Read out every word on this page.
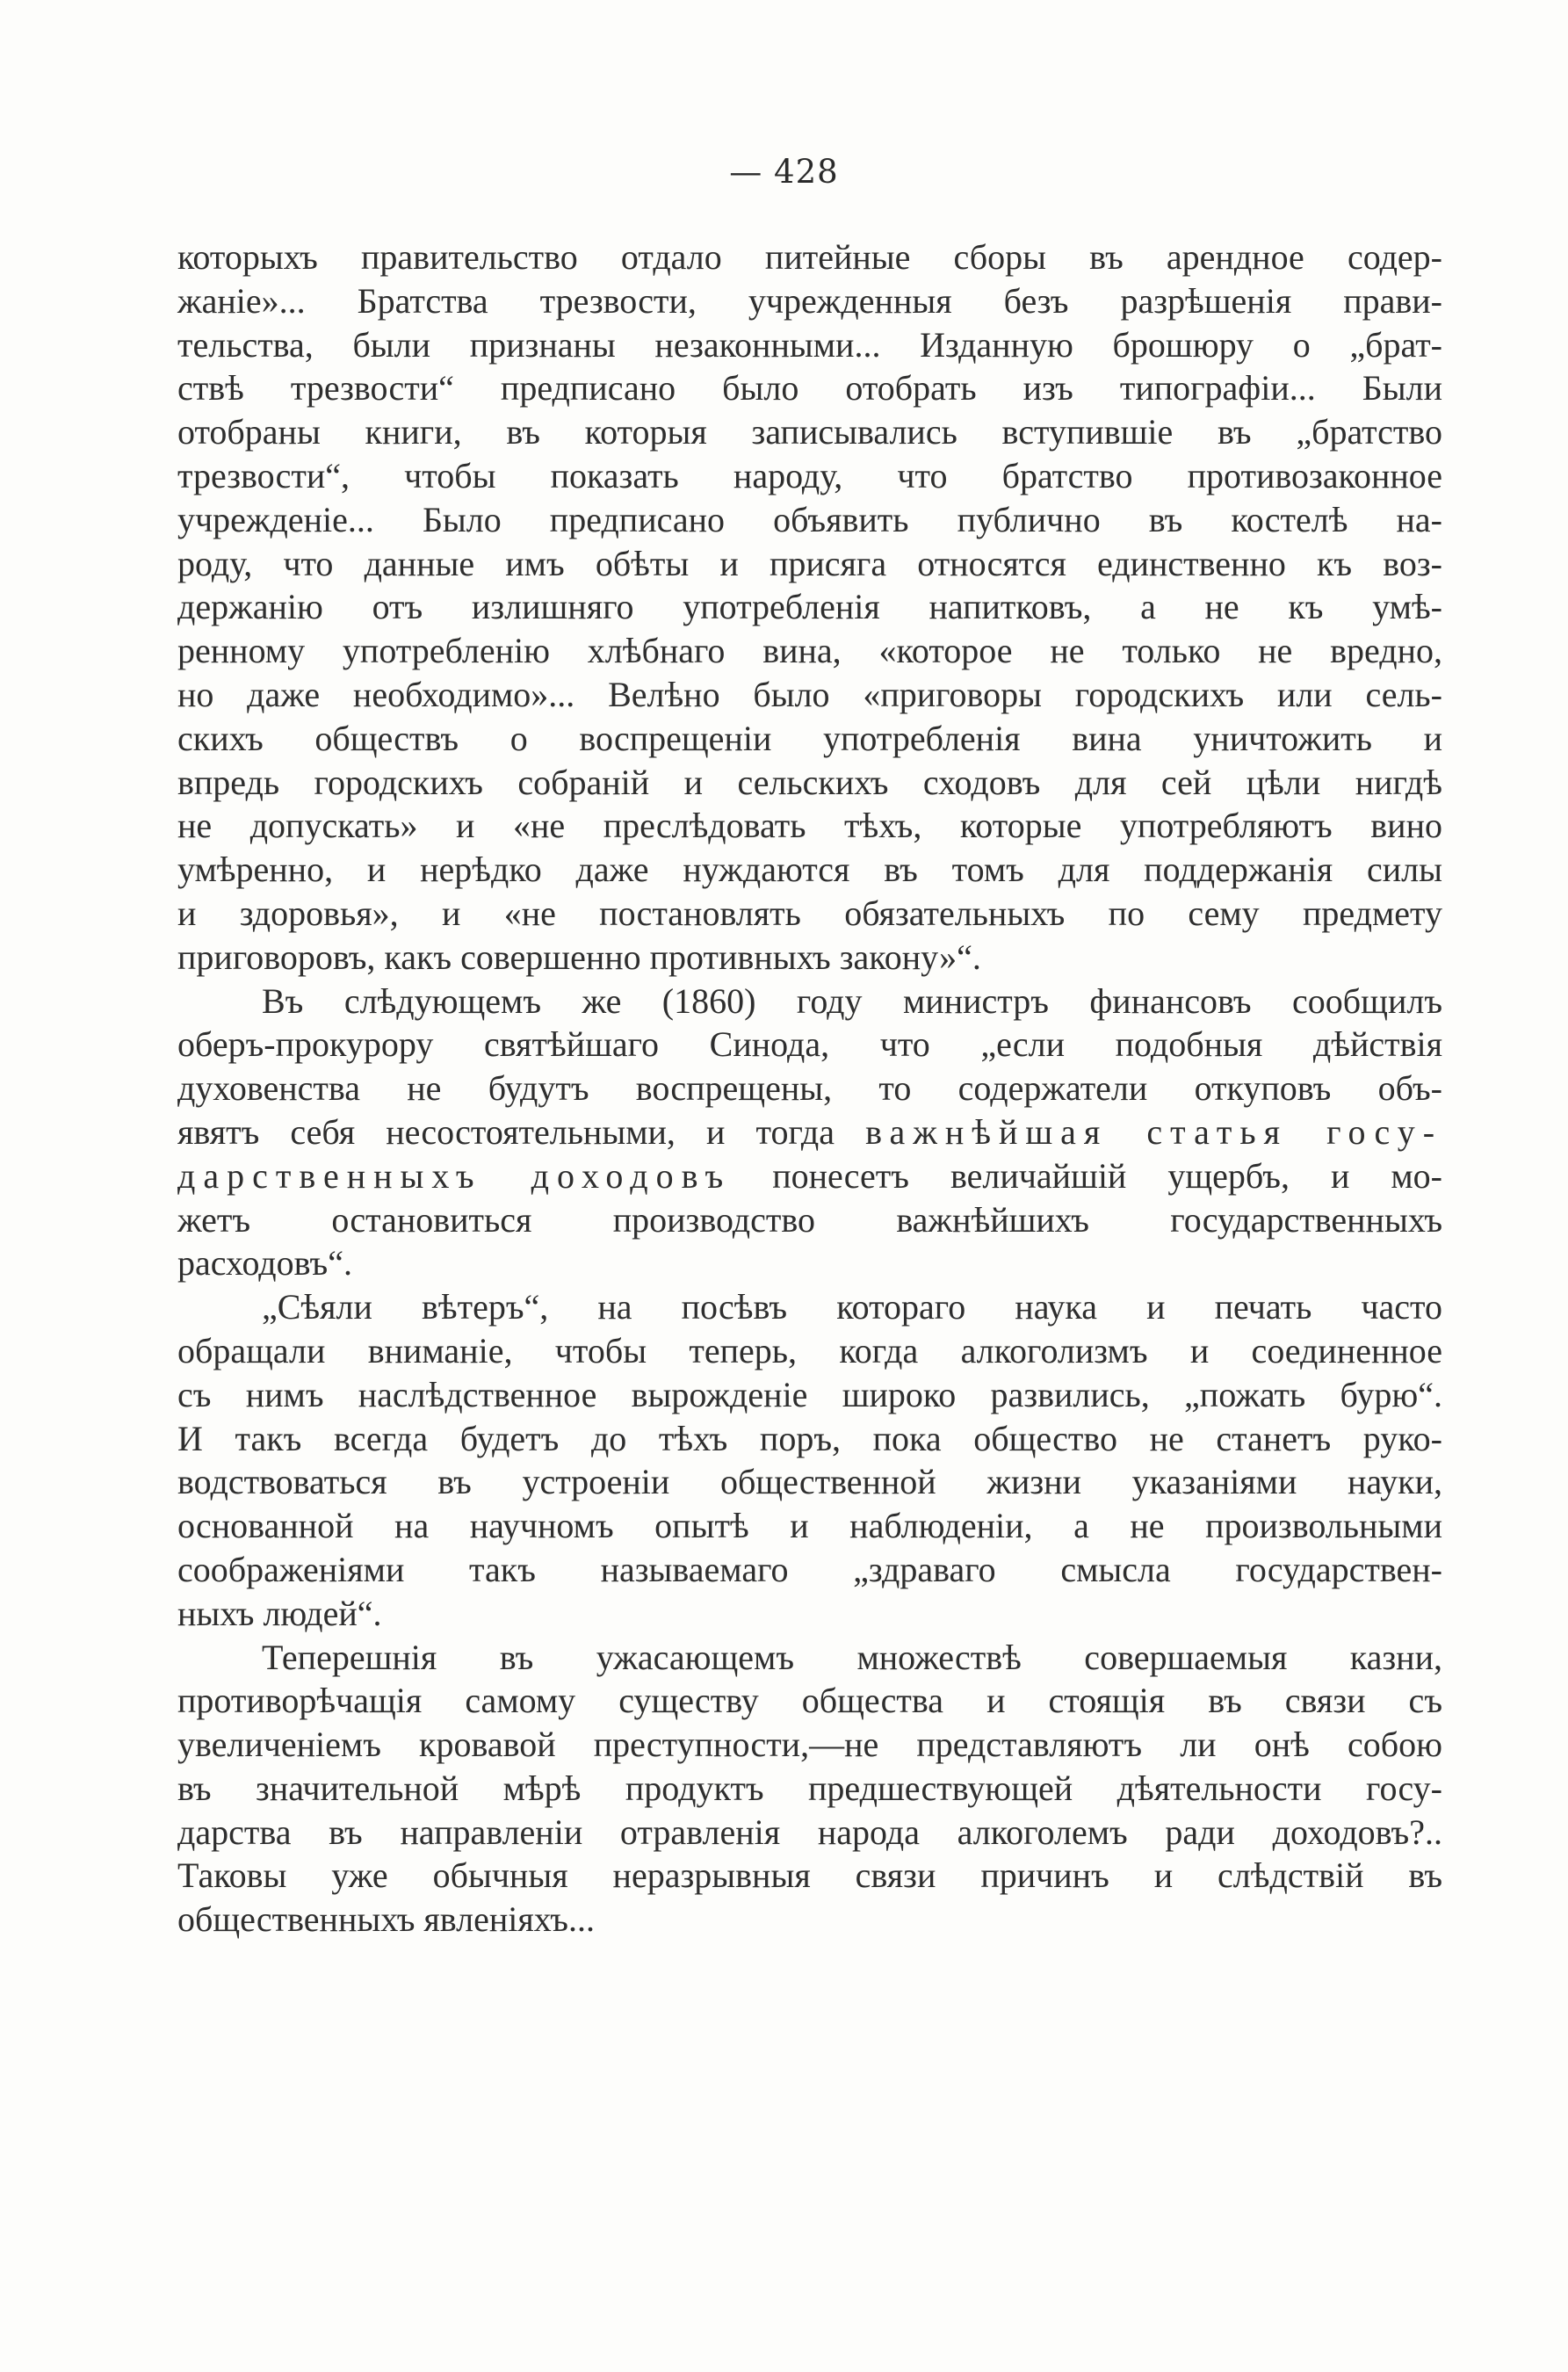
— 428
которыхъ правительство отдало питейные сборы въ арендное содер-
жаніе»... Братства трезвости, учрежденныя безъ разрѣшенія прави-
тельства, были признаны незаконными... Изданную брошюру о „брат-
ствѣ трезвости“ предписано было отобрать изъ типографіи... Были
отобраны книги, въ которыя записывались вступившіе въ „братство
трезвости“, чтобы показать народу, что братство противозаконное
учрежденіе... Было предписано объявить публично въ костелѣ на-
роду, что данные имъ обѣты и присяга относятся единственно къ воз-
держанію отъ излишняго употребленія напитковъ, а не къ умѣ-
ренному употребленію хлѣбнаго вина, «которое не только не вредно,
но даже необходимо»... Велѣно было «приговоры городскихъ или сель-
скихъ обществъ о воспрещеніи употребленія вина уничтожить и
впредь городскихъ собраній и сельскихъ сходовъ для сей цѣли нигдѣ
не допускать» и «не преслѣдовать тѣхъ, которые употребляютъ вино
умѣренно, и нерѣдко даже нуждаются въ томъ для поддержанія силы
и здоровья», и «не постановлять обязательныхъ по сему предмету
приговоровъ, какъ совершенно противныхъ закону»“.
Въ слѣдующемъ же (1860) году министръ финансовъ сообщилъ
оберъ-прокурору святѣйшаго Синода, что „если подобныя дѣйствія
духовенства не будутъ воспрещены, то содержатели откуповъ объ-
явятъ себя несостоятельными, и тогда важнѣйшая статья госу-
дарственныхъ доходовъ понесетъ величайшій ущербъ, и мо-
жетъ остановиться производство важнѣйшихъ государственныхъ
расходовъ“.
„Сѣяли вѣтеръ“, на посѣвъ котораго наука и печать часто
обращали вниманіе, чтобы теперь, когда алкоголизмъ и соединенное
съ нимъ наслѣдственное вырожденіе широко развились, „пожать бурю“.
И такъ всегда будетъ до тѣхъ поръ, пока общество не станетъ руко-
водствоваться въ устроеніи общественной жизни указаніями науки,
основанной на научномъ опытѣ и наблюденіи, а не произвольными
соображеніями такъ называемаго „здраваго смысла государствен-
ныхъ людей“.
Теперешнія въ ужасающемъ множествѣ совершаемыя казни,
противорѣчащія самому существу общества и стоящія въ связи съ
увеличеніемъ кровавой преступности,—не представляютъ ли онѣ собою
въ значительной мѣрѣ продуктъ предшествующей дѣятельности госу-
дарства въ направленіи отравленія народа алкоголемъ ради доходовъ?..
Таковы уже обычныя неразрывныя связи причинъ и слѣдствій въ
общественныхъ явленіяхъ...
